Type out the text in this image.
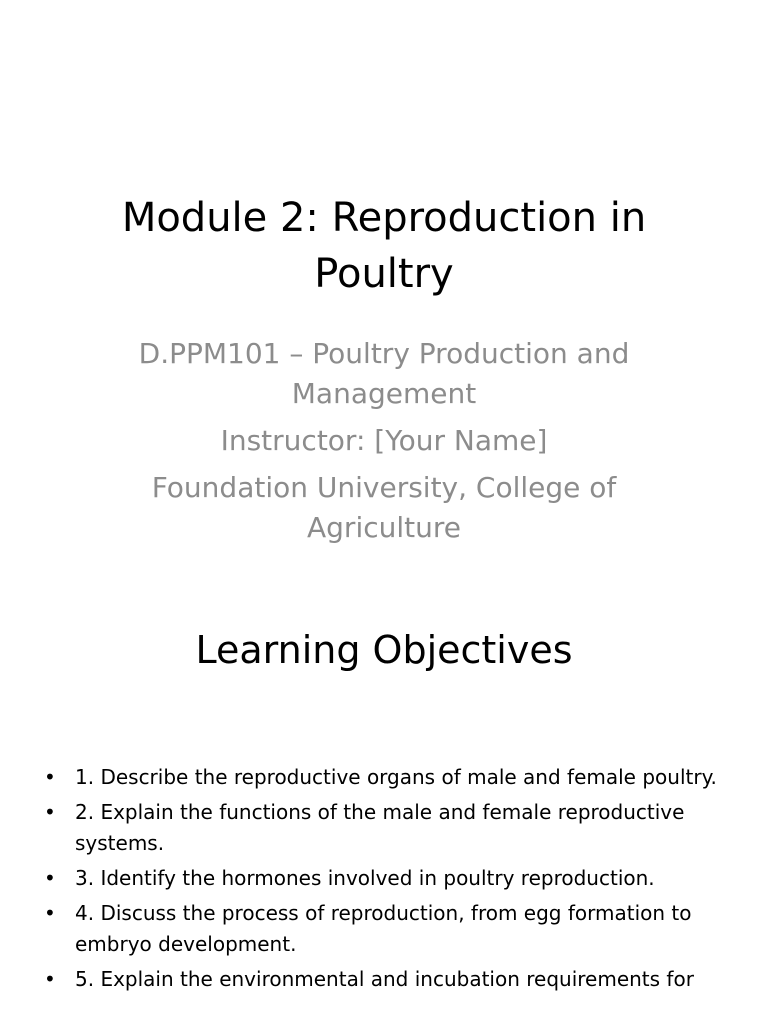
Module 2: Reproduction in Poultry

D.PPM101 – Poultry Production and Management

Instructor: [Your Name]

Foundation University, College of Agriculture

Learning Objectives
• 1. Describe the reproductive organs of male and female poultry.
• 2. Explain the functions of the male and female reproductive systems.
• 3. Identify the hormones involved in poultry reproduction.
• 4. Discuss the process of reproduction, from egg formation to embryo development.
• 5. Explain the environmental and incubation requirements for
